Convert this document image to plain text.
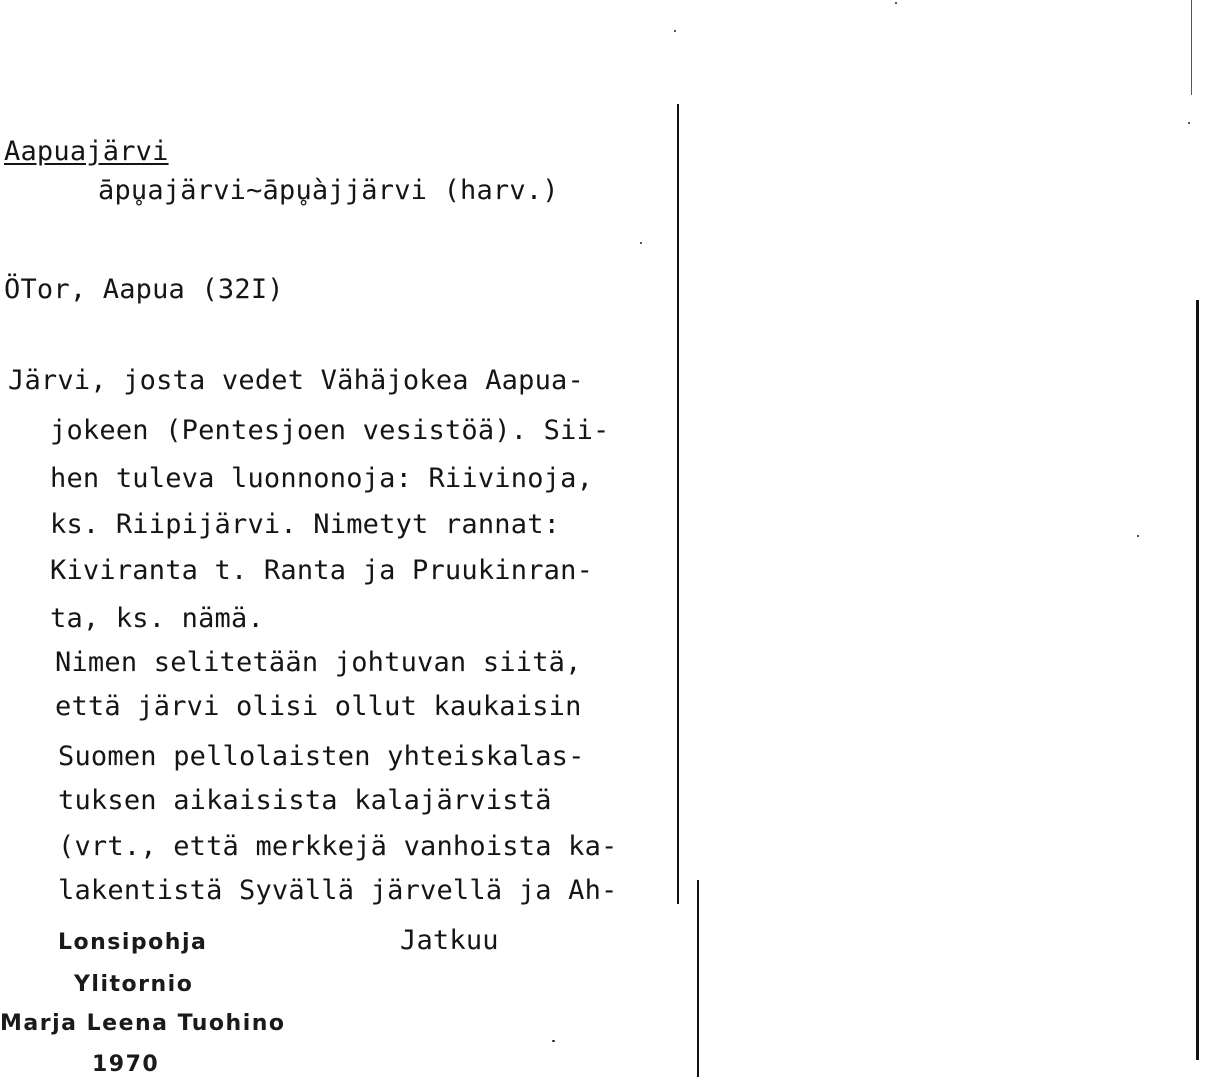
Aapuajärvi
āpu̥ajärvi~āpu̥àjjärvi (harv.)
ÖTor, Aapua (32I)
Järvi, josta vedet Vähäjokea Aapua-
jokeen (Pentesjoen vesistöä). Sii-
hen tuleva luonnonoja: Riivinoja,
ks. Riipijärvi. Nimetyt rannat:
Kiviranta t. Ranta ja Pruukinran-
ta, ks. nämä.
Nimen selitetään johtuvan siitä,
että järvi olisi ollut kaukaisin
Suomen pellolaisten yhteiskalas-
tuksen aikaisista kalajärvistä
(vrt., että merkkejä vanhoista ka-
lakentistä Syvällä järvellä ja Ah-
Jatkuu
Lonsipohja
Ylitornio
Marja Leena Tuohino
1970
